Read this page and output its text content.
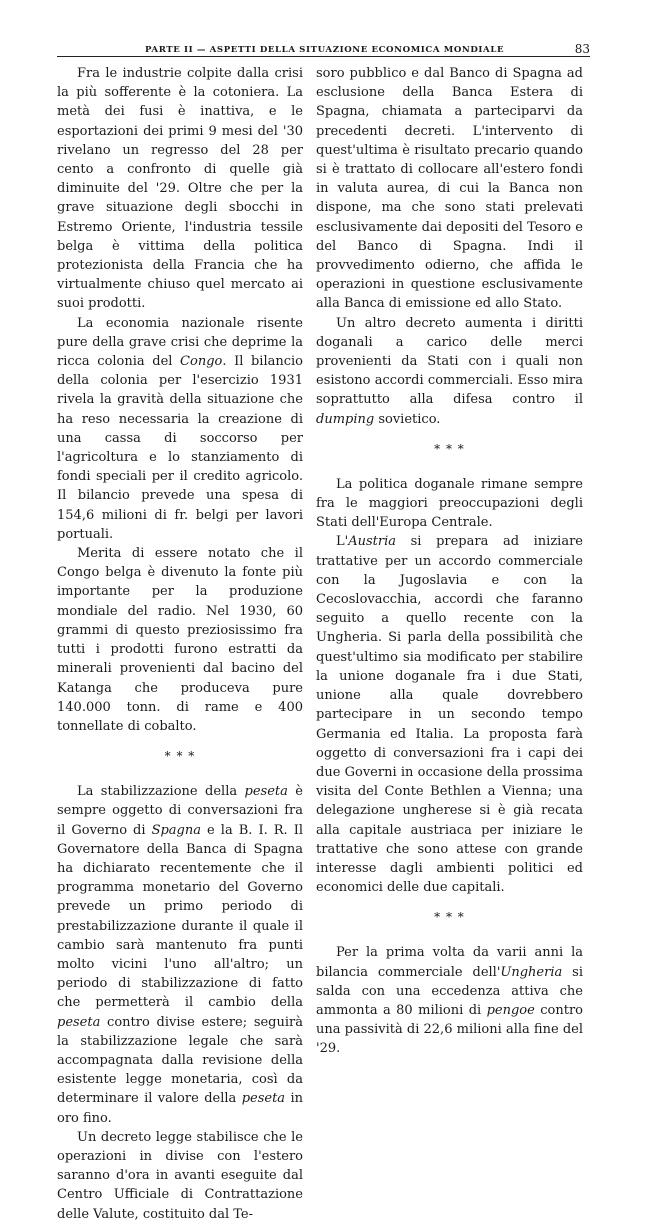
PARTE II — ASPETTI DELLA SITUAZIONE ECONOMICA MONDIALE	83

Fra le industrie colpite dalla crisi la più sofferente è la cotoniera. La metà dei fusi è inattiva, e le esportazioni dei primi 9 mesi del '30 rivelano un regresso del 28 per cento a confronto di quelle già diminuite del '29. Oltre che per la grave situazione degli sbocchi in Estremo Oriente, l'industria tessile belga è vittima della politica protezionista della Francia che ha virtualmente chiuso quel mercato ai suoi prodotti.

La economia nazionale risente pure della grave crisi che deprime la ricca colonia del Congo. Il bilancio della colonia per l'esercizio 1931 rivela la gravità della situazione che ha reso necessaria la creazione di una cassa di soccorso per l'agricoltura e lo stanziamento di fondi speciali per il credito agricolo. Il bilancio prevede una spesa di 154,6 milioni di fr. belgi per lavori portuali.

Merita di essere notato che il Congo belga è divenuto la fonte più importante per la produzione mondiale del radio. Nel 1930, 60 grammi di questo preziosissimo fra tutti i prodotti furono estratti da minerali provenienti dal bacino del Katanga che produceva pure 140.000 tonn. di rame e 400 tonnellate di cobalto.

* * *

La stabilizzazione della peseta è sempre oggetto di conversazioni fra il Governo di Spagna e la B. I. R. Il Governatore della Banca di Spagna ha dichiarato recentemente che il programma monetario del Governo prevede un primo periodo di prestabilizzazione durante il quale il cambio sarà mantenuto fra punti molto vicini l'uno all'altro; un periodo di stabilizzazione di fatto che permetterà il cambio della peseta contro divise estere; seguirà la stabilizzazione legale che sarà accompagnata dalla revisione della esistente legge monetaria, così da determinare il valore della peseta in oro fino.

Un decreto legge stabilisce che le operazioni in divise con l'estero saranno d'ora in avanti eseguite dal Centro Ufficiale di Contrattazione delle Valute, costituito dal Te-

soro pubblico e dal Banco di Spagna ad esclusione della Banca Estera di Spagna, chiamata a parteciparvi da precedenti decreti. L'intervento di quest'ultima è risultato precario quando si è trattato di collocare all'estero fondi in valuta aurea, di cui la Banca non dispone, ma che sono stati prelevati esclusivamente dai depositi del Tesoro e del Banco di Spagna. Indi il provvedimento odierno, che affida le operazioni in questione esclusivamente alla Banca di emissione ed allo Stato.

Un altro decreto aumenta i diritti doganali a carico delle merci provenienti da Stati con i quali non esistono accordi commerciali. Esso mira soprattutto alla difesa contro il dumping sovietico.

* * *

La politica doganale rimane sempre fra le maggiori preoccupazioni degli Stati dell'Europa Centrale.

L'Austria si prepara ad iniziare trattative per un accordo commerciale con la Jugoslavia e con la Cecoslovacchia, accordi che faranno seguito a quello recente con la Ungheria. Si parla della possibilità che quest'ultimo sia modificato per stabilire la unione doganale fra i due Stati, unione alla quale dovrebbero partecipare in un secondo tempo Germania ed Italia. La proposta farà oggetto di conversazioni fra i capi dei due Governi in occasione della prossima visita del Conte Bethlen a Vienna; una delegazione ungherese si è già recata alla capitale austriaca per iniziare le trattative che sono attese con grande interesse dagli ambienti politici ed economici delle due capitali.

* * *

Per la prima volta da varii anni la bilancia commerciale dell'Ungheria si salda con una eccedenza attiva che ammonta a 80 milioni di pengoe contro una passività di 22,6 milioni alla fine del '29.
